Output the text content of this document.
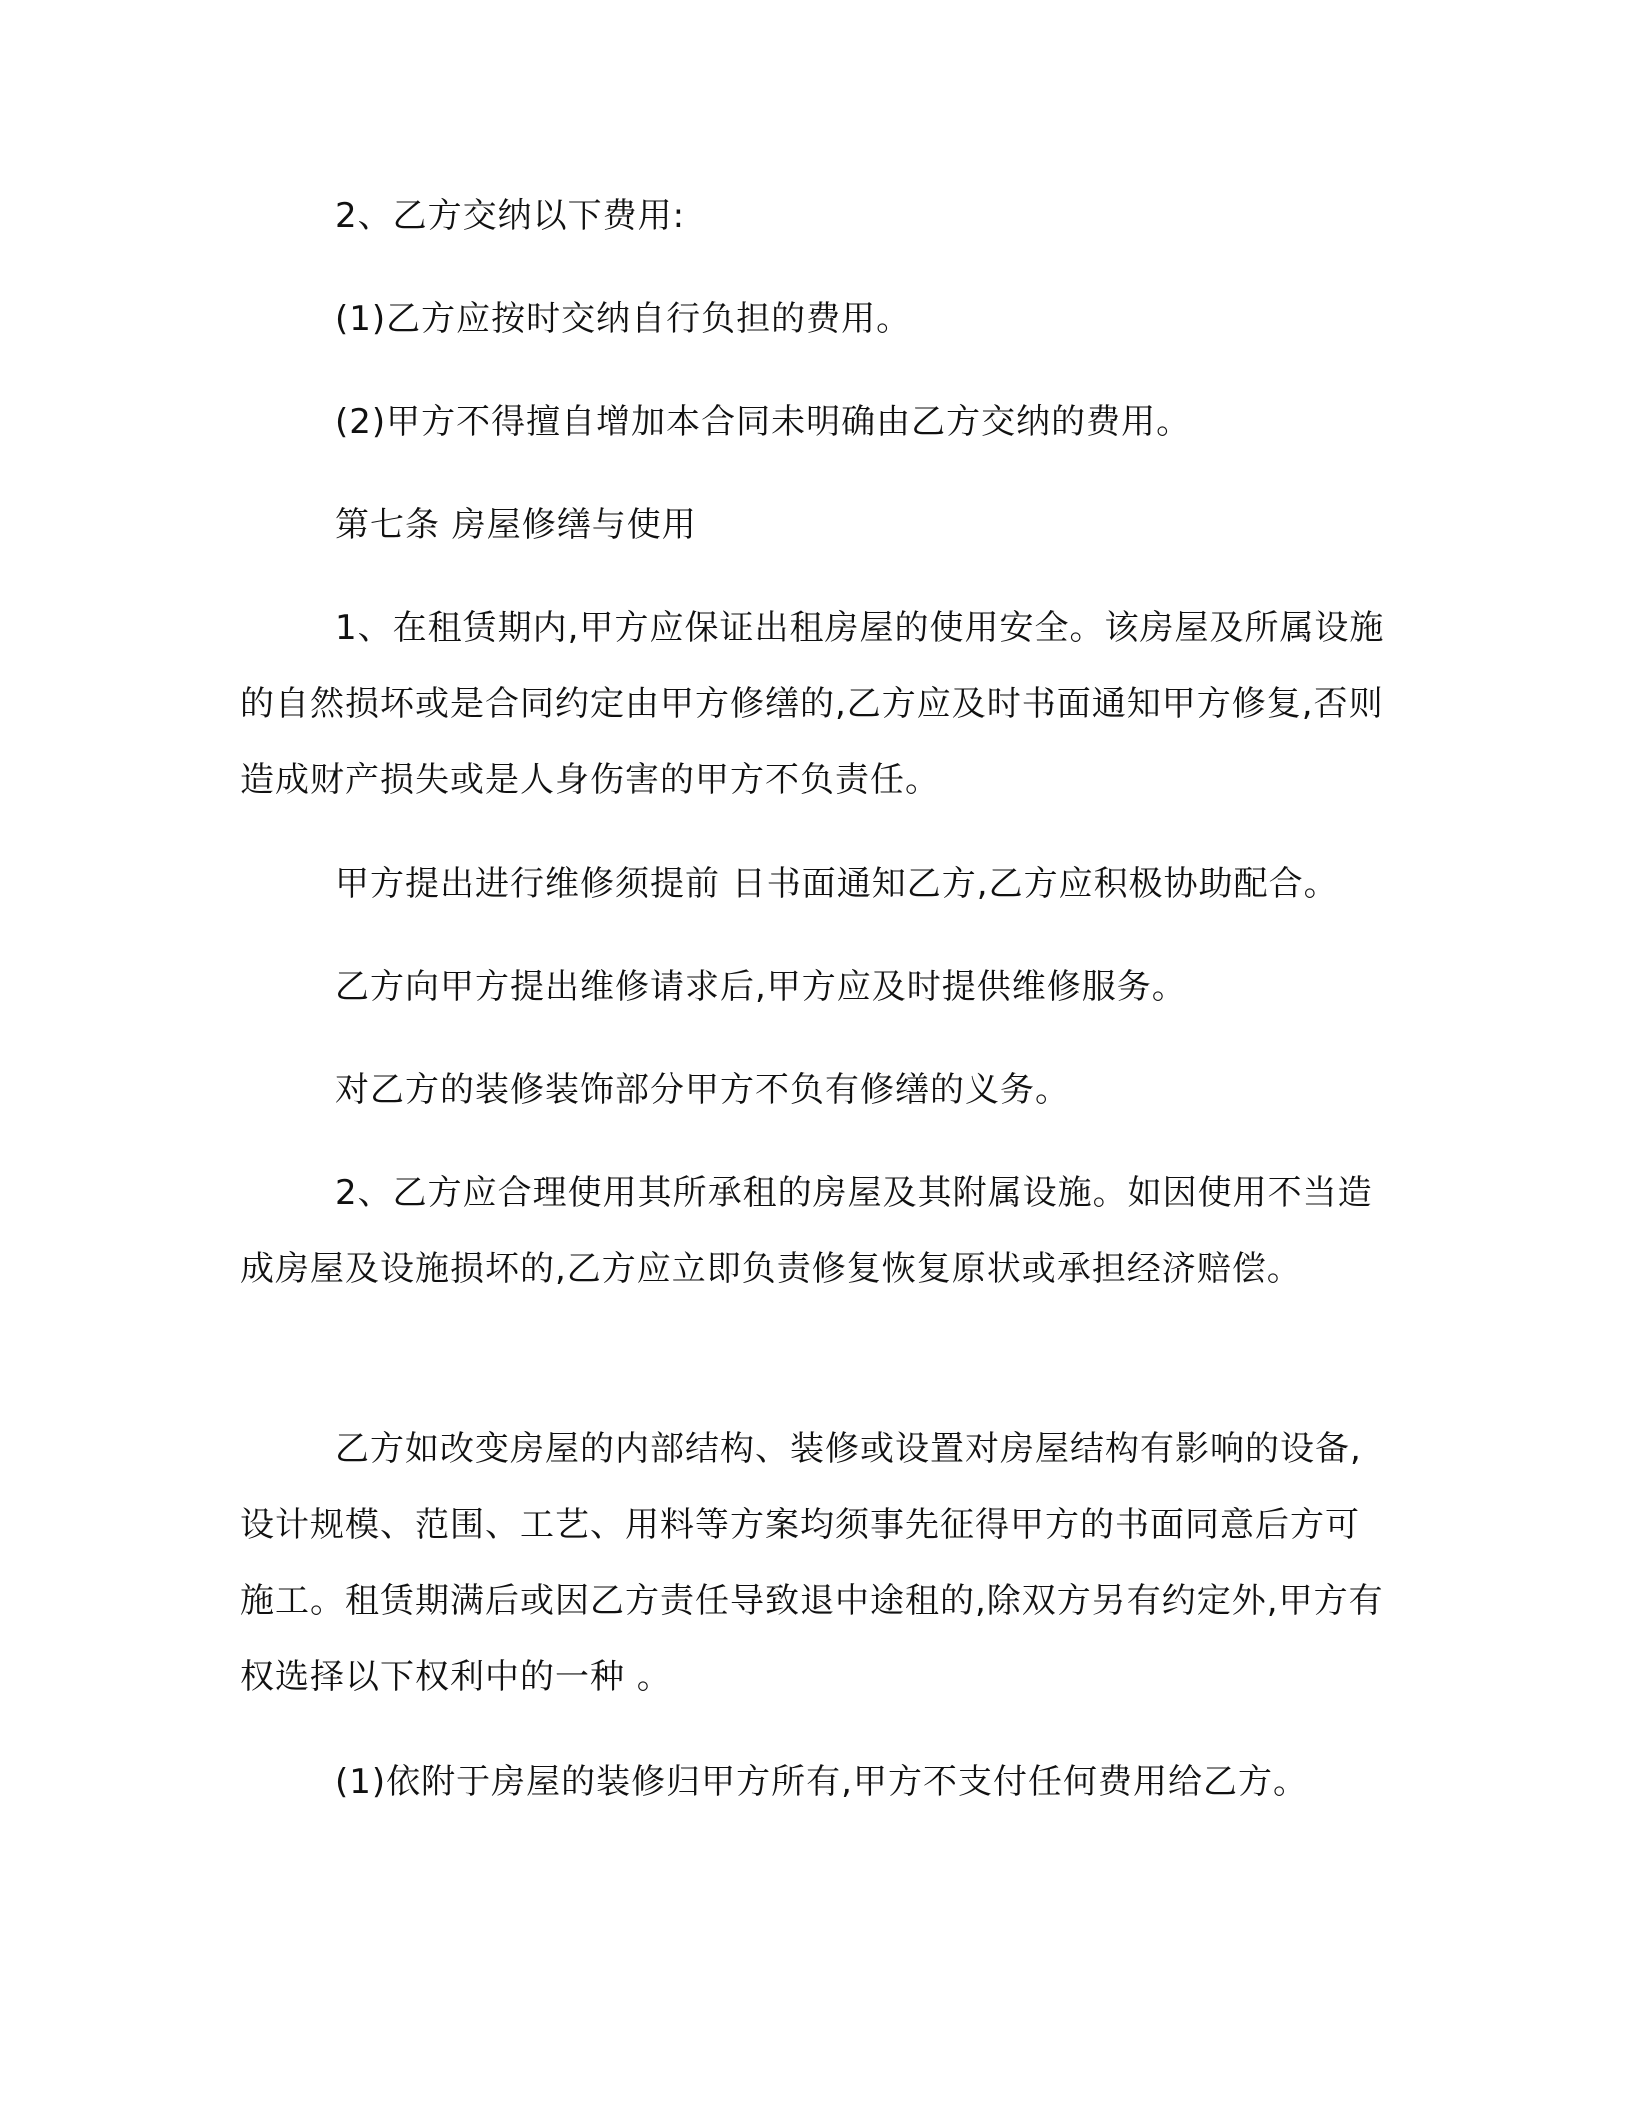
2、乙方交纳以下费用:

(1)乙方应按时交纳自行负担的费用。

(2)甲方不得擅自增加本合同未明确由乙方交纳的费用。

第七条 房屋修缮与使用

1、在租赁期内,甲方应保证出租房屋的使用安全。该房屋及所属设施的自然损坏或是合同约定由甲方修缮的,乙方应及时书面通知甲方修复,否则造成财产损失或是人身伤害的甲方不负责任。

甲方提出进行维修须提前 日书面通知乙方,乙方应积极协助配合。

乙方向甲方提出维修请求后,甲方应及时提供维修服务。

对乙方的装修装饰部分甲方不负有修缮的义务。

2、乙方应合理使用其所承租的房屋及其附属设施。如因使用不当造成房屋及设施损坏的,乙方应立即负责修复恢复原状或承担经济赔偿。

乙方如改变房屋的内部结构、装修或设置对房屋结构有影响的设备,设计规模、范围、工艺、用料等方案均须事先征得甲方的书面同意后方可施工。租赁期满后或因乙方责任导致退中途租的,除双方另有约定外,甲方有权选择以下权利中的一种 。

(1)依附于房屋的装修归甲方所有,甲方不支付任何费用给乙方。
